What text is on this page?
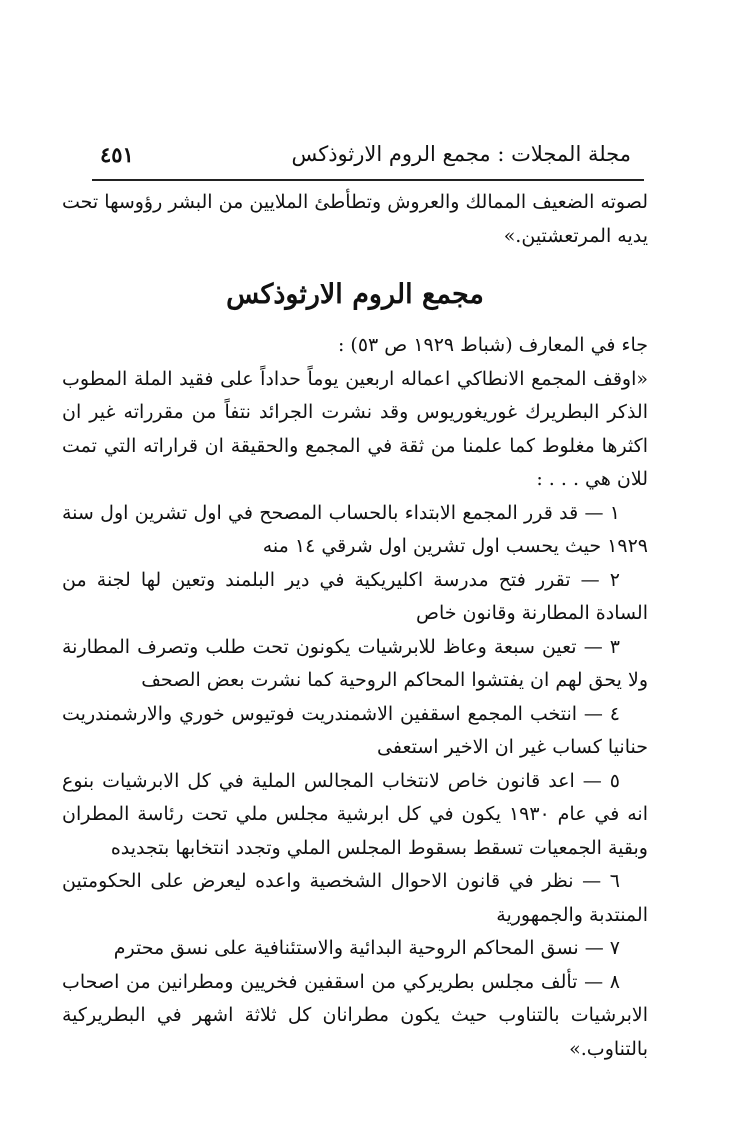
مجلة المجلات : مجمع الروم الارثوذكس
٤٥١

لصوته الضعيف الممالك والعروش وتطأطئ الملايين من البشر رؤوسها تحت يديه المرتعشتين.»

مجمع الروم الارثوذكس

جاء في المعارف (شباط ١٩٢٩ ص ٥٣) :

«اوقف المجمع الانطاكي اعماله اربعين يوماً حداداً على فقيد الملة المطوب الذكر البطريرك غوريغوريوس وقد نشرت الجرائد نتفاً من مقرراته غير ان اكثرها مغلوط كما علمنا من ثقة في المجمع والحقيقة ان قراراته التي تمت للان هي . . . :

١ — قد قرر المجمع الابتداء بالحساب المصحح في اول تشرين اول سنة ١٩٢٩ حيث يحسب اول تشرين اول شرقي ١٤ منه

٢ — تقرر فتح مدرسة اكليريكية في دير البلمند وتعين لها لجنة من السادة المطارنة وقانون خاص

٣ — تعين سبعة وعاظ للابرشيات يكونون تحت طلب وتصرف المطارنة ولا يحق لهم ان يفتشوا المحاكم الروحية كما نشرت بعض الصحف

٤ — انتخب المجمع اسقفين الاشمندريت فوتيوس خوري والارشمندريت حنانيا كساب غير ان الاخير استعفى

٥ — اعد قانون خاص لانتخاب المجالس الملية في كل الابرشيات بنوع انه في عام ١٩٣٠ يكون في كل ابرشية مجلس ملي تحت رئاسة المطران وبقية الجمعيات تسقط بسقوط المجلس الملي وتجدد انتخابها بتجديده

٦ — نظر في قانون الاحوال الشخصية واعده ليعرض على الحكومتين المنتدبة والجمهورية

٧ — نسق المحاكم الروحية البدائية والاستئنافية على نسق محترم

٨ — تألف مجلس بطريركي من اسقفين فخريين ومطرانين من اصحاب الابرشيات بالتناوب حيث يكون مطرانان كل ثلاثة اشهر في البطريركية بالتناوب.»
